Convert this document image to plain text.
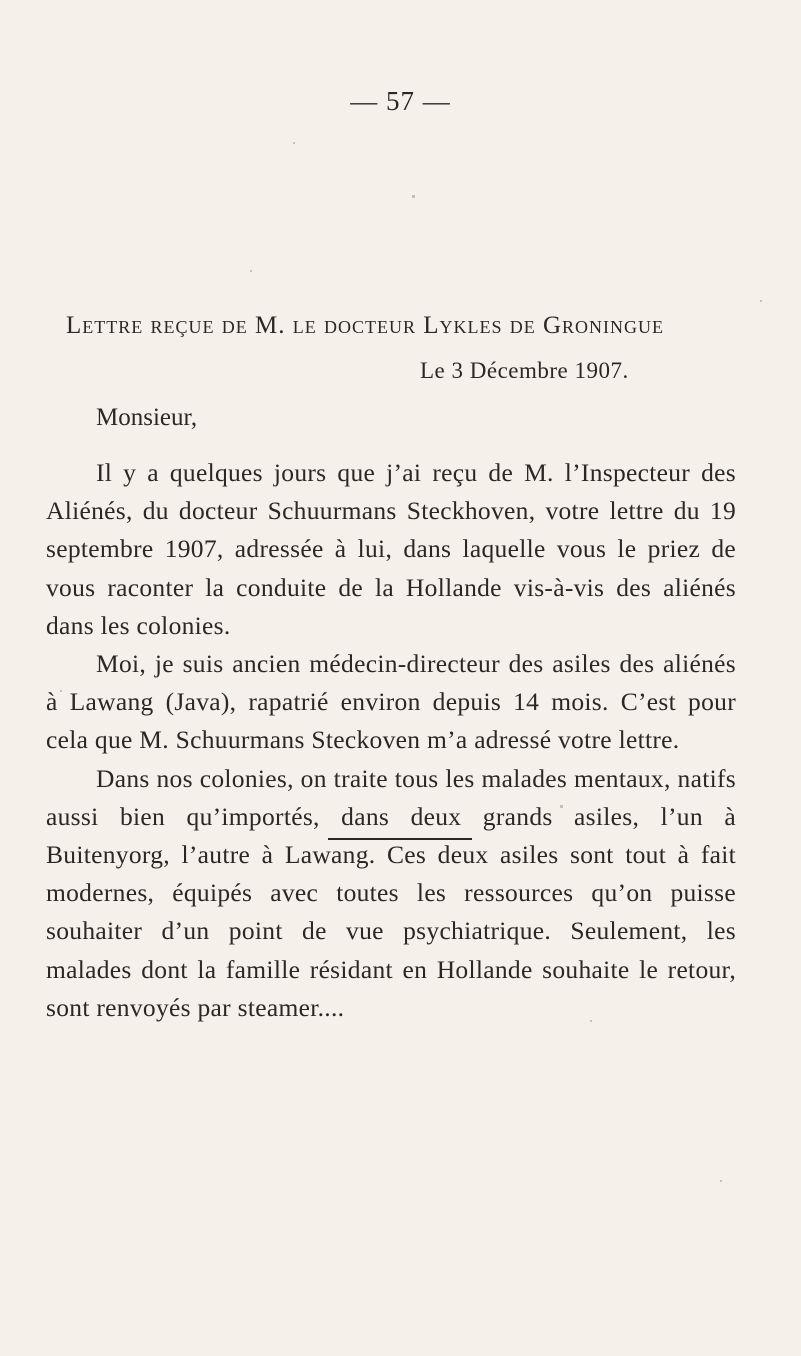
— 57 —
Lettre reçue de M. le docteur Lykles de Groningue
Le 3 Décembre 1907.
Monsieur,

Il y a quelques jours que j’ai reçu de M. l’Inspecteur des Aliénés, du docteur Schuurmans Steckhoven, votre lettre du 19 septembre 1907, adressée à lui, dans laquelle vous le priez de vous raconter la conduite de la Hollande vis-à-vis des aliénés dans les colonies.

Moi, je suis ancien médecin-directeur des asiles des aliénés à Lawang (Java), rapatrié environ depuis 14 mois. C’est pour cela que M. Schuurmans Steckoven m’a adressé votre lettre.

Dans nos colonies, on traite tous les malades mentaux, natifs aussi bien qu’importés, dans deux grands asiles, l’un à Buitenyorg, l’autre à Lawang. Ces deux asiles sont tout à fait modernes, équipés avec toutes les ressources qu’on puisse souhaiter d’un point de vue psychiatrique. Seulement, les malades dont la famille résidant en Hollande souhaite le retour, sont renvoyés par steamer....
